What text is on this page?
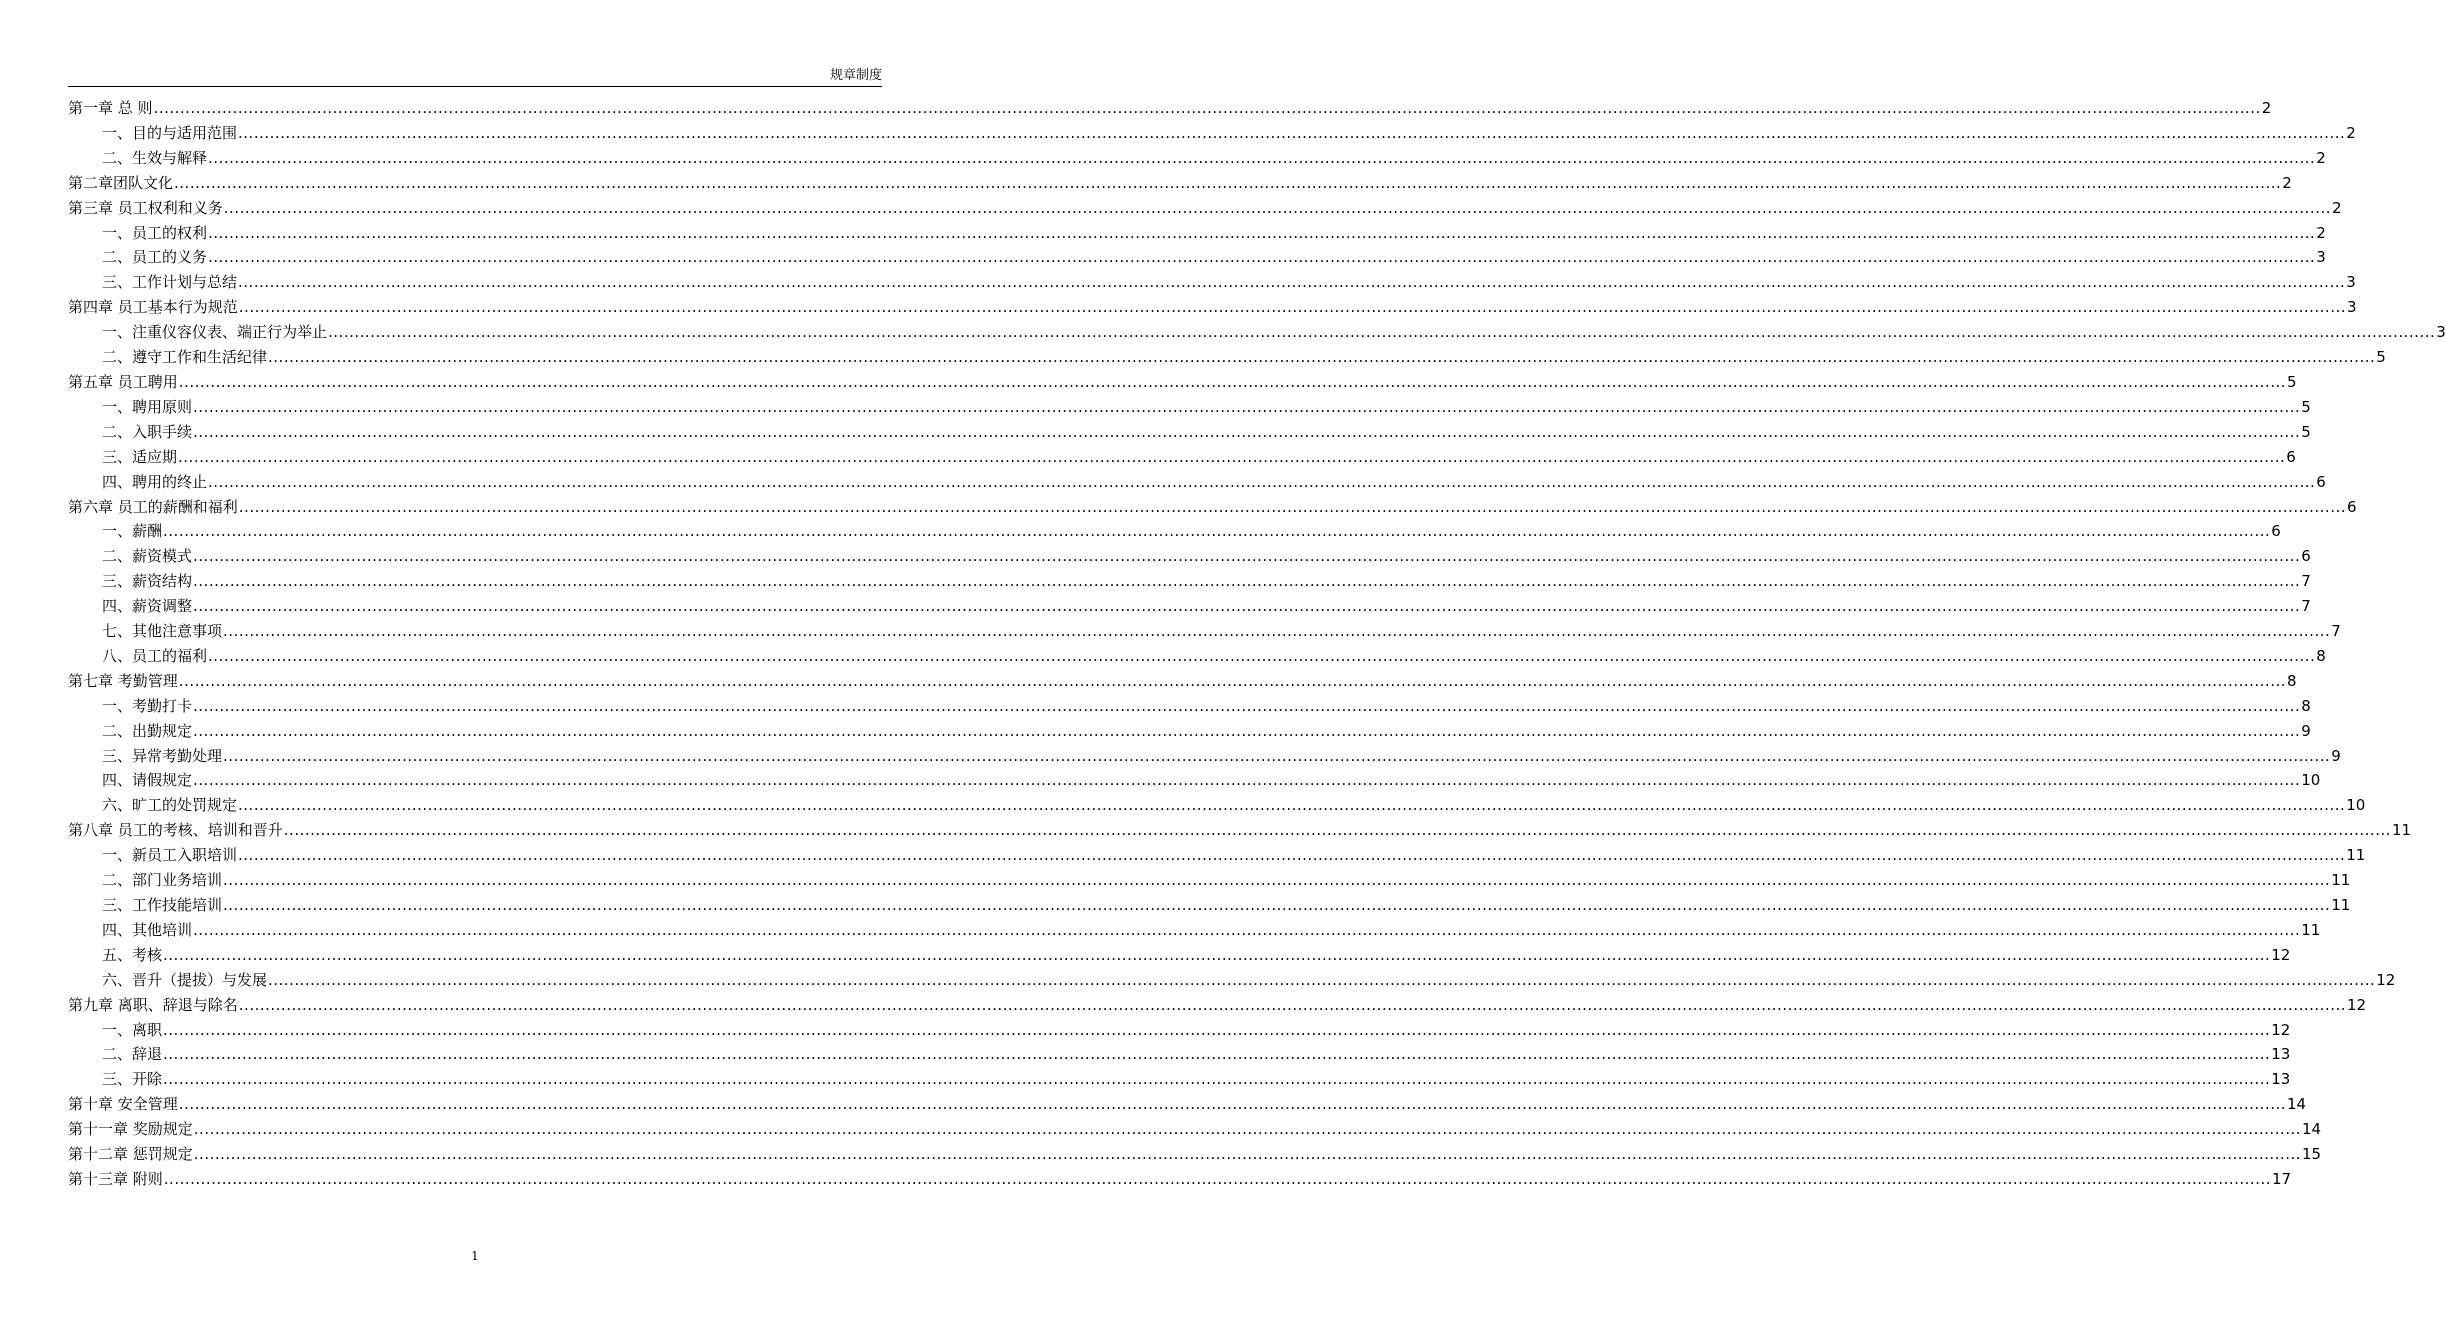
规章制度
第一章 总 则 ................................................................................................................................................................................................................................................................................................................................................................................................................ 2
一、目的与适用范围 ................................................................................................................................................................................................................................................................................................................................................................................................................ 2
二、生效与解释 ................................................................................................................................................................................................................................................................................................................................................................................................................ 2
第二章团队文化 ................................................................................................................................................................................................................................................................................................................................................................................................................ 2
第三章 员工权利和义务 ................................................................................................................................................................................................................................................................................................................................................................................................................ 2
一、员工的权利 ................................................................................................................................................................................................................................................................................................................................................................................................................ 2
二、员工的义务 ................................................................................................................................................................................................................................................................................................................................................................................................................ 3
三、工作计划与总结 ................................................................................................................................................................................................................................................................................................................................................................................................................ 3
第四章 员工基本行为规范 ................................................................................................................................................................................................................................................................................................................................................................................................................ 3
一、注重仪容仪表、端正行为举止 ................................................................................................................................................................................................................................................................................................................................................................................................................ 3
二、遵守工作和生活纪律 ................................................................................................................................................................................................................................................................................................................................................................................................................ 5
第五章 员工聘用 ................................................................................................................................................................................................................................................................................................................................................................................................................ 5
一、聘用原则 ................................................................................................................................................................................................................................................................................................................................................................................................................ 5
二、入职手续 ................................................................................................................................................................................................................................................................................................................................................................................................................ 5
三、适应期 ................................................................................................................................................................................................................................................................................................................................................................................................................ 6
四、聘用的终止 ................................................................................................................................................................................................................................................................................................................................................................................................................ 6
第六章 员工的薪酬和福利 ................................................................................................................................................................................................................................................................................................................................................................................................................ 6
一、薪酬 ................................................................................................................................................................................................................................................................................................................................................................................................................ 6
二、薪资模式 ................................................................................................................................................................................................................................................................................................................................................................................................................ 6
三、薪资结构 ................................................................................................................................................................................................................................................................................................................................................................................................................ 7
四、薪资调整 ................................................................................................................................................................................................................................................................................................................................................................................................................ 7
七、其他注意事项 ................................................................................................................................................................................................................................................................................................................................................................................................................ 7
八、员工的福利 ................................................................................................................................................................................................................................................................................................................................................................................................................ 8
第七章 考勤管理 ................................................................................................................................................................................................................................................................................................................................................................................................................ 8
一、考勤打卡 ................................................................................................................................................................................................................................................................................................................................................................................................................ 8
二、出勤规定 ................................................................................................................................................................................................................................................................................................................................................................................................................ 9
三、异常考勤处理 ................................................................................................................................................................................................................................................................................................................................................................................................................ 9
四、请假规定 ................................................................................................................................................................................................................................................................................................................................................................................................................ 10
六、旷工的处罚规定 ................................................................................................................................................................................................................................................................................................................................................................................................................ 10
第八章 员工的考核、培训和晋升 ................................................................................................................................................................................................................................................................................................................................................................................................................ 11
一、新员工入职培训 ................................................................................................................................................................................................................................................................................................................................................................................................................ 11
二、部门业务培训 ................................................................................................................................................................................................................................................................................................................................................................................................................ 11
三、工作技能培训 ................................................................................................................................................................................................................................................................................................................................................................................................................ 11
四、其他培训 ................................................................................................................................................................................................................................................................................................................................................................................................................ 11
五、考核 ................................................................................................................................................................................................................................................................................................................................................................................................................ 12
六、晋升（提拔）与发展 ................................................................................................................................................................................................................................................................................................................................................................................................................ 12
第九章 离职、辞退与除名 ................................................................................................................................................................................................................................................................................................................................................................................................................ 12
一、离职 ................................................................................................................................................................................................................................................................................................................................................................................................................ 12
二、辞退 ................................................................................................................................................................................................................................................................................................................................................................................................................ 13
三、开除 ................................................................................................................................................................................................................................................................................................................................................................................................................ 13
第十章 安全管理 ................................................................................................................................................................................................................................................................................................................................................................................................................ 14
第十一章 奖励规定 ................................................................................................................................................................................................................................................................................................................................................................................................................ 14
第十二章 惩罚规定 ................................................................................................................................................................................................................................................................................................................................................................................................................ 15
第十三章 附则 ................................................................................................................................................................................................................................................................................................................................................................................................................ 17
1
